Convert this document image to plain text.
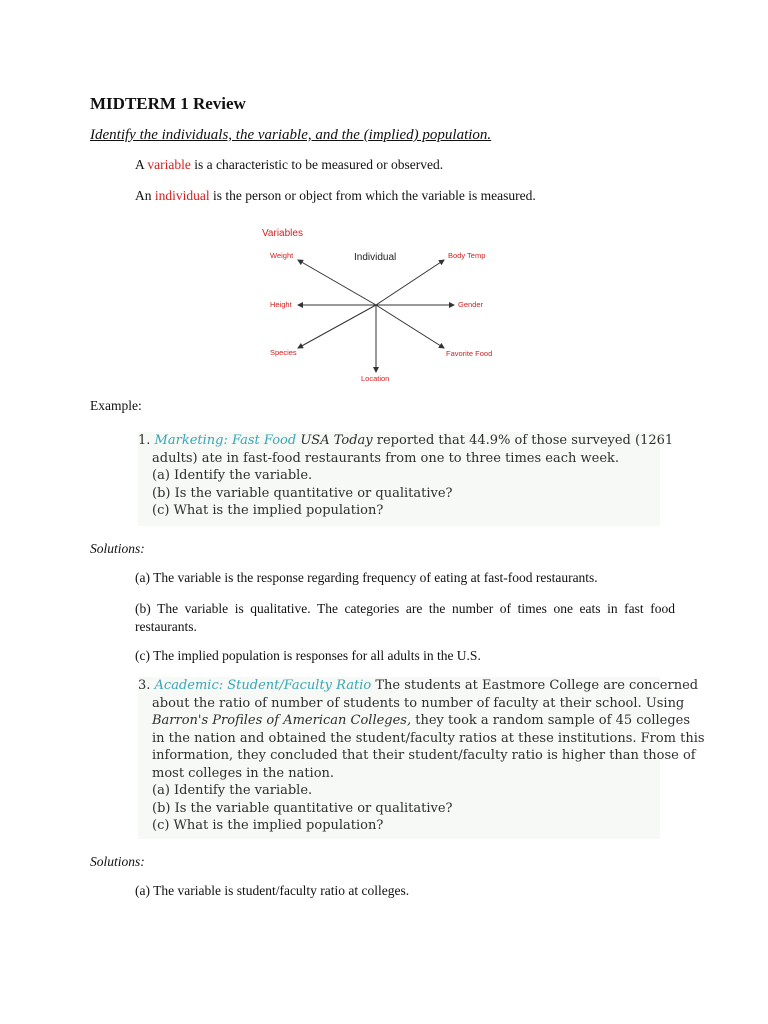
MIDTERM 1 Review
Identify the individuals, the variable, and the (implied) population.
A variable is a characteristic to be measured or observed.
An individual is the person or object from which the variable is measured.
Variables
Individual
Weight	Body Temp
Height	Gender
Species	Favorite Food
Location
Example:
1. Marketing: Fast Food USA Today reported that 44.9% of those surveyed (1261
adults) ate in fast-food restaurants from one to three times each week.
(a) Identify the variable.
(b) Is the variable quantitative or qualitative?
(c) What is the implied population?
Solutions:
(a) The variable is the response regarding frequency of eating at fast-food restaurants.
(b) The variable is qualitative. The categories are the number of times one eats in fast food restaurants.
(c) The implied population is responses for all adults in the U.S.
3. Academic: Student/Faculty Ratio The students at Eastmore College are concerned
about the ratio of number of students to number of faculty at their school. Using
Barron's Profiles of American Colleges, they took a random sample of 45 colleges
in the nation and obtained the student/faculty ratios at these institutions. From this
information, they concluded that their student/faculty ratio is higher than those of
most colleges in the nation.
(a) Identify the variable.
(b) Is the variable quantitative or qualitative?
(c) What is the implied population?
Solutions:
(a) The variable is student/faculty ratio at colleges.
